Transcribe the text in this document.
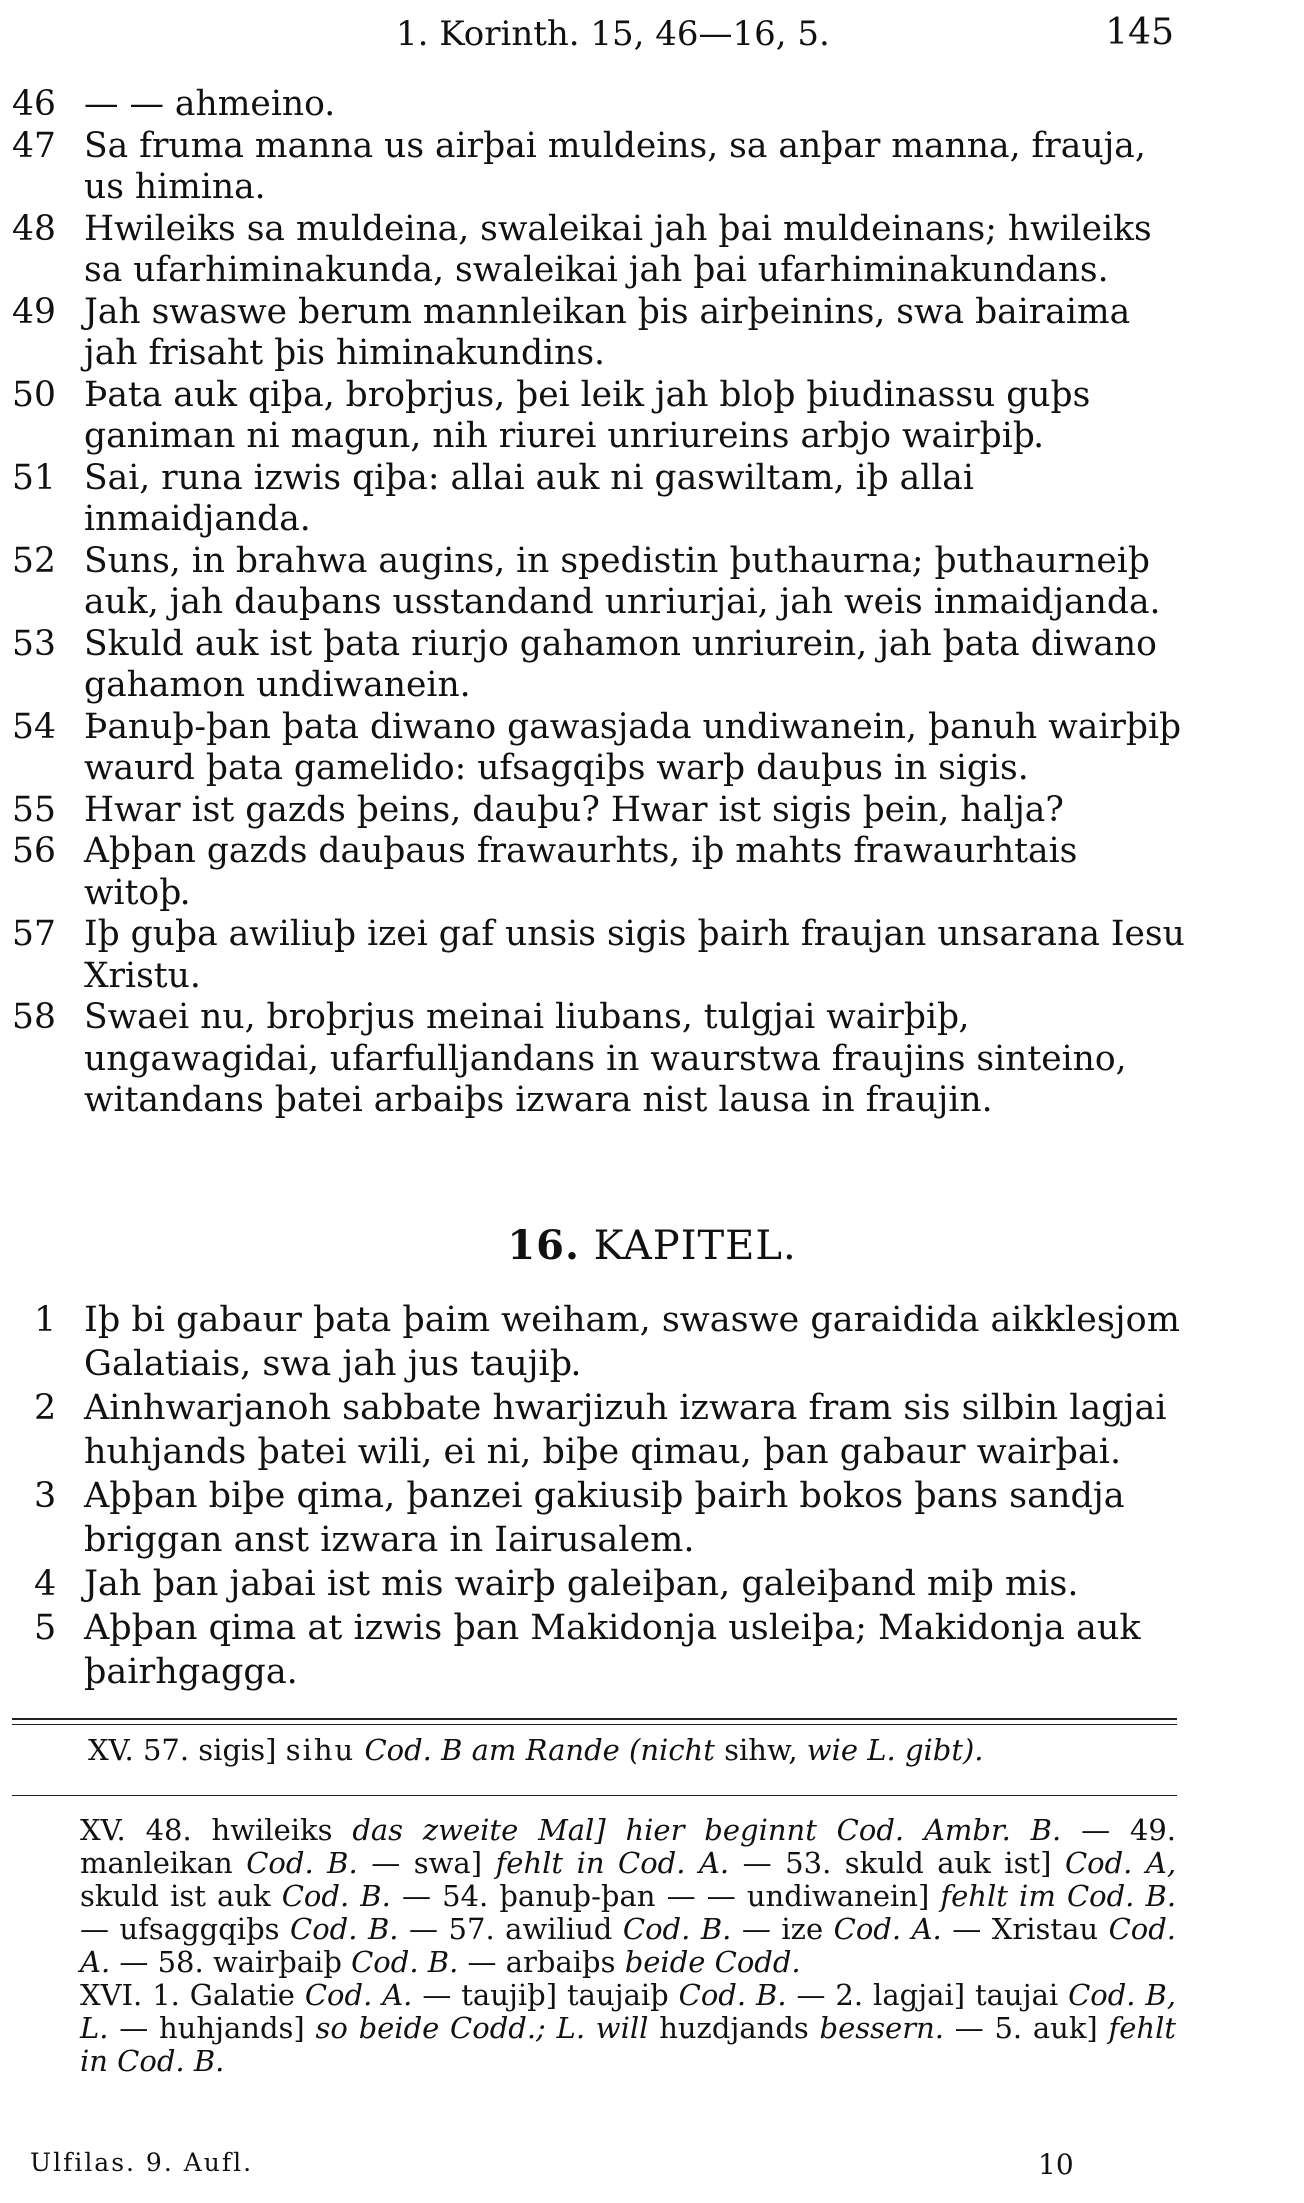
1. Korinth. 15, 46—16, 5.	145

46 — — ahmeino.

47 Sa fruma manna us airþai muldeins, sa anþar manna, frauja, us himina.

48 Hwileiks sa muldeina, swaleikai jah þai muldeinans; hwileiks sa ufarhiminakunda, swaleikai jah þai ufarhiminakundans.

49 Jah swaswe berum mannleikan þis airþeinins, swa bairaima jah frisaht þis himinakundins.

50 Þata auk qiþa, broþrjus, þei leik jah bloþ þiudinassu guþs ganiman ni magun, nih riurei unriureins arbjo wairþiþ.

51 Sai, runa izwis qiþa: allai auk ni gaswiltam, iþ allai inmaidjanda.

52 Suns, in brahwa augins, in spedistin þuthaurna; þuthaurneiþ auk, jah dauþans usstandand unriurjai, jah weis inmaidjanda.

53 Skuld auk ist þata riurjo gahamon unriurein, jah þata diwano gahamon undiwanein.

54 Þanuþ-þan þata diwano gawasjada undiwanein, þanuh wairþiþ waurd þata gamelido: ufsagqiþs warþ dauþus in sigis.

55 Hwar ist gazds þeins, dauþu? Hwar ist sigis þein, halja?

56 Aþþan gazds dauþaus frawaurhts, iþ mahts frawaurhtais witoþ.

57 Iþ guþa awiliuþ izei gaf unsis sigis þairh fraujan unsarana Iesu Xristu.

58 Swaei nu, broþrjus meinai liubans, tulgjai wairþiþ, ungawagidai, ufarfulljandans in waurstwa fraujins sinteino, witandans þatei arbaiþs izwara nist lausa in fraujin.

16. KAPITEL.

1 Iþ bi gabaur þata þaim weiham, swaswe garaidida aikklesjom Galatiais, swa jah jus taujiþ.

2 Ainhwarjanoh sabbate hwarjizuh izwara fram sis silbin lagjai huhjands þatei wili, ei ni, biþe qimau, þan gabaur wairþai.

3 Aþþan biþe qima, þanzei gakiusiþ þairh bokos þans sandja briggan anst izwara in Iairusalem.

4 Jah þan jabai ist mis wairþ galeiþan, galeiþand miþ mis.

5 Aþþan qima at izwis þan Makidonja usleiþa; Makidonja auk þairhgagga.

XV. 57. sigis] sihu Cod. B am Rande (nicht sihw, wie L. gibt).

XV. 48. hwileiks das zweite Mal] hier beginnt Cod. Ambr. B. — 49. manleikan Cod. B. — swa] fehlt in Cod. A. — 53. skuld auk ist] Cod. A, skuld ist auk Cod. B. — 54. þanuþ-þan — — undiwanein] fehlt im Cod. B. — ufsaggqiþs Cod. B. — 57. awiliud Cod. B. — ize Cod. A. — Xristau Cod. A. — 58. wairþaiþ Cod. B. — arbaiþs beide Codd.

XVI. 1. Galatie Cod. A. — taujiþ] taujaiþ Cod. B. — 2. lagjai] taujai Cod. B, L. — huhjands] so beide Codd.; L. will huzdjands bessern. — 5. auk] fehlt in Cod. B.

Ulfilas. 9. Aufl.	10
